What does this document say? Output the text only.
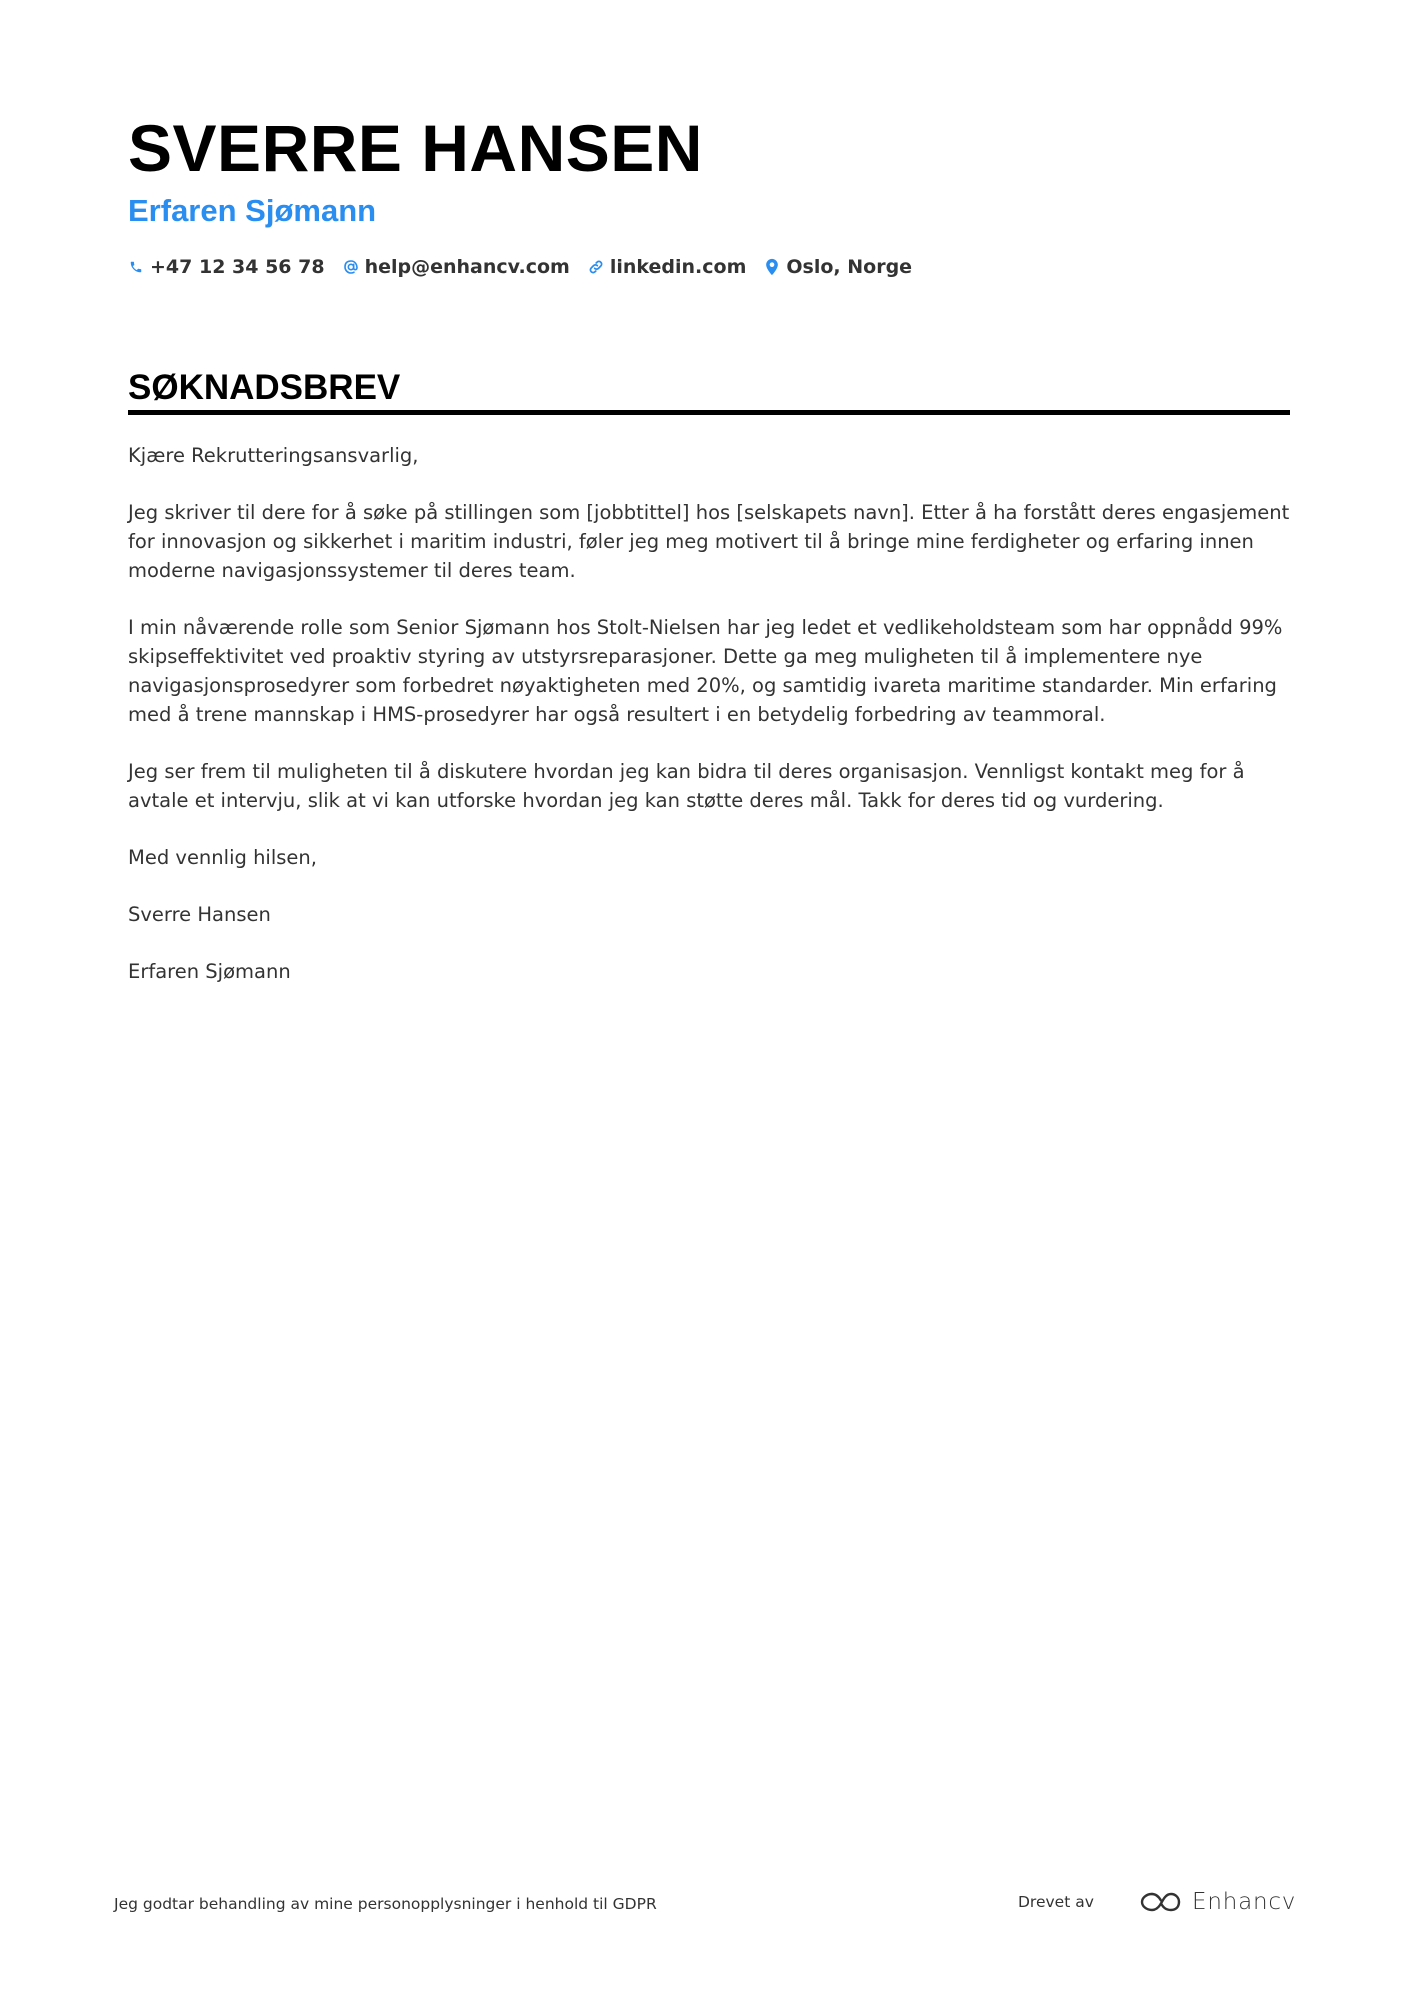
SVERRE HANSEN
Erfaren Sjømann
+47 12 34 56 78 help@enhancv.com linkedin.com Oslo, Norge
SØKNADSBREV

Kjære Rekrutteringsansvarlig,

Jeg skriver til dere for å søke på stillingen som [jobbtittel] hos [selskapets navn]. Etter å ha forstått deres engasjement for innovasjon og sikkerhet i maritim industri, føler jeg meg motivert til å bringe mine ferdigheter og erfaring innen moderne navigasjonssystemer til deres team.

I min nåværende rolle som Senior Sjømann hos Stolt-Nielsen har jeg ledet et vedlikeholdsteam som har oppnådd 99% skipseffektivitet ved proaktiv styring av utstyrsreparasjoner. Dette ga meg muligheten til å implementere nye navigasjonsprosedyrer som forbedret nøyaktigheten med 20%, og samtidig ivareta maritime standarder. Min erfaring med å trene mannskap i HMS-prosedyrer har også resultert i en betydelig forbedring av teammoral.

Jeg ser frem til muligheten til å diskutere hvordan jeg kan bidra til deres organisasjon. Vennligst kontakt meg for å avtale et intervju, slik at vi kan utforske hvordan jeg kan støtte deres mål. Takk for deres tid og vurdering.

Med vennlig hilsen,

Sverre Hansen

Erfaren Sjømann

Jeg godtar behandling av mine personopplysninger i henhold til GDPR	Drevet av	Enhancv
